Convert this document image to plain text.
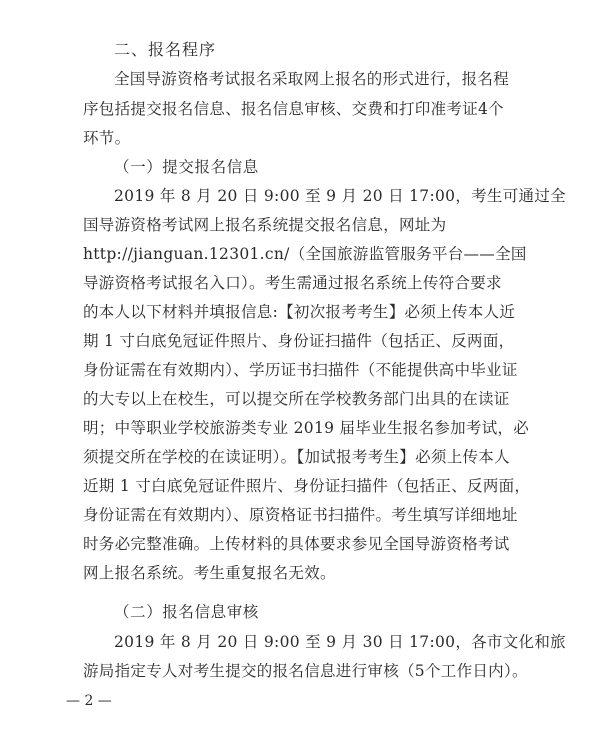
二、报名程序
全国导游资格考试报名采取网上报名的形式进行，报名程
序包括提交报名信息、报名信息审核、交费和打印准考证4个
环节。
（一）提交报名信息
2019 年 8 月 20 日 9:00 至 9 月 20 日 17:00，考生可通过全
国导游资格考试网上报名系统提交报名信息，网址为
http://jianguan.12301.cn/（全国旅游监管服务平台——全国
导游资格考试报名入口）。考生需通过报名系统上传符合要求
的本人以下材料并填报信息:【初次报考考生】必须上传本人近
期 1 寸白底免冠证件照片、身份证扫描件（包括正、反两面，
身份证需在有效期内）、学历证书扫描件（不能提供高中毕业证
的大专以上在校生，可以提交所在学校教务部门出具的在读证
明；中等职业学校旅游类专业 2019 届毕业生报名参加考试，必
须提交所在学校的在读证明）。【加试报考考生】必须上传本人
近期 1 寸白底免冠证件照片、身份证扫描件（包括正、反两面，
身份证需在有效期内）、原资格证书扫描件。考生填写详细地址
时务必完整准确。上传材料的具体要求参见全国导游资格考试
网上报名系统。考生重复报名无效。
（二）报名信息审核
2019 年 8 月 20 日 9:00 至 9 月 30 日 17:00，各市文化和旅
游局指定专人对考生提交的报名信息进行审核（5个工作日内）。
— 2 —
